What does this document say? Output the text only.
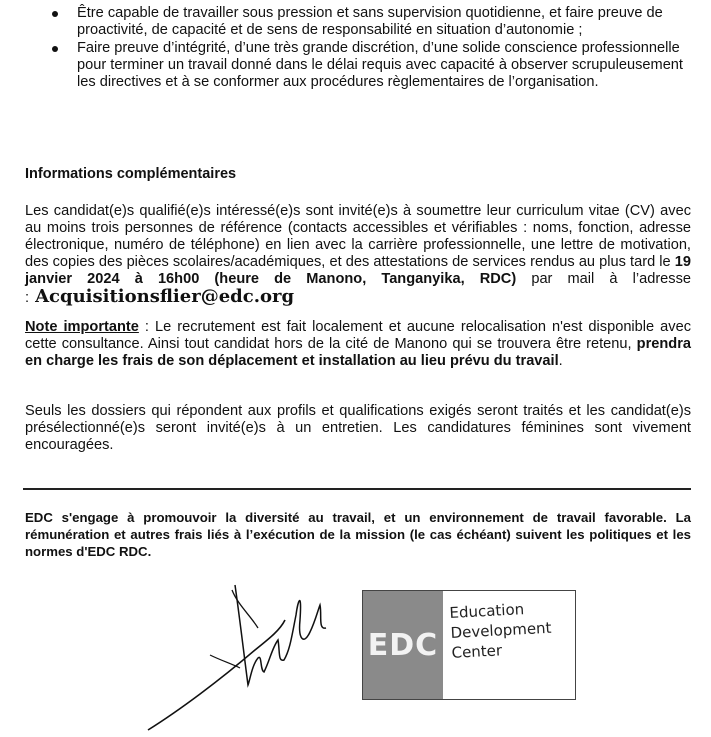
Être capable de travailler sous pression et sans supervision quotidienne, et faire preuve de proactivité, de capacité et de sens de responsabilité en situation d’autonomie ;
Faire preuve d’intégrité, d’une très grande discrétion, d’une solide conscience professionnelle pour terminer un travail donné dans le délai requis avec capacité à observer scrupuleusement les directives et à se conformer aux procédures règlementaires de l’organisation.
Informations complémentaires

Les candidat(e)s qualifié(e)s intéressé(e)s sont invité(e)s à soumettre leur curriculum vitae (CV) avec au moins trois personnes de référence (contacts accessibles et vérifiables : noms, fonction, adresse électronique, numéro de téléphone) en lien avec la carrière professionnelle, une lettre de motivation, des copies des pièces scolaires/académiques, et des attestations de services rendus au plus tard le 19 janvier 2024 à 16h00 (heure de Manono, Tanganyika, RDC) par mail à l’adresse : Acquisitionsflier@edc.org

Note importante : Le recrutement est fait localement et aucune relocalisation n'est disponible avec cette consultance. Ainsi tout candidat hors de la cité de Manono qui se trouvera être retenu, prendra en charge les frais de son déplacement et installation au lieu prévu du travail.

Seuls les dossiers qui répondent aux profils et qualifications exigés seront traités et les candidat(e)s présélectionné(e)s seront invité(e)s à un entretien. Les candidatures féminines sont vivement encouragées.

EDC s'engage à promouvoir la diversité au travail, et un environnement de travail favorable. La rémunération et autres frais liés à l’exécution de la mission (le cas échéant) suivent les politiques et les normes d'EDC RDC.

EDC
Education
Development
Center
